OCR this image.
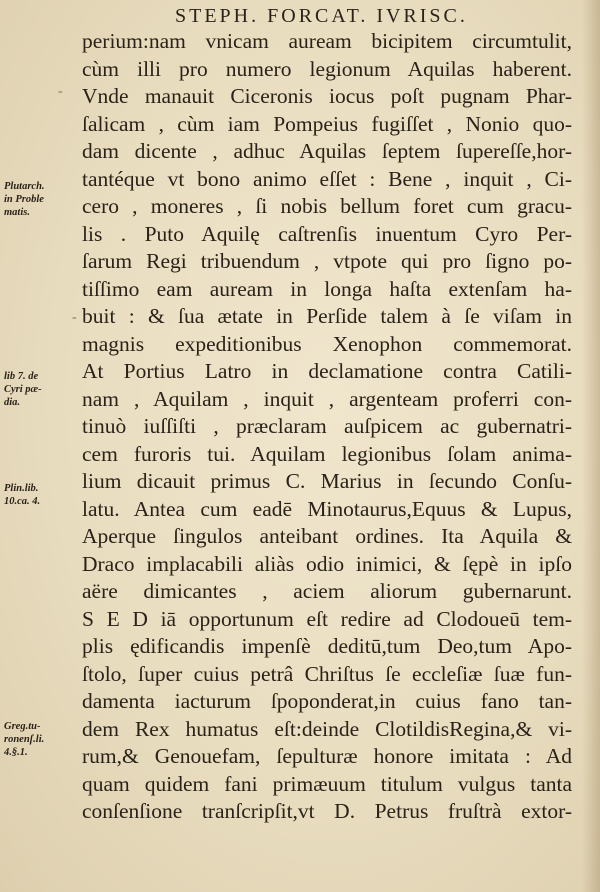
STEPH. FORCAT. IVRISC.
perium:nam vnicam auream bicipitem circumtulit,
cùm illi pro numero legionum Aquilas haberent.
Vnde manauit Ciceronis iocus poſt pugnam Phar-
ſalicam , cùm iam Pompeius fugiſſet , Nonio quo-
dam dicente , adhuc Aquilas ſeptem ſupereſſe,hor-
tantéque vt bono animo eſſet : Bene , inquit , Ci-
cero , moneres , ſi nobis bellum foret cum gracu-
lis . Puto Aquilę caſtrenſis inuentum Cyro Per-
ſarum Regi tribuendum , vtpote qui pro ſigno po-
tiſſimo eam auream in longa haſta extenſam ha-
buit : & ſua ætate in Perſide talem à ſe viſam in
magnis expeditionibus Xenophon commemorat.
At Portius Latro in declamatione contra Catili-
nam , Aquilam , inquit , argenteam proferri con-
tinuò iuſſiſti , præclaram auſpicem ac gubernatri-
cem furoris tui. Aquilam legionibus ſolam anima-
lium dicauit primus C. Marius in ſecundo Conſu-
latu. Antea cum eadē Minotaurus,Equus & Lupus,
Aperque ſingulos anteibant ordines. Ita Aquila &
Draco implacabili aliàs odio inimici, & ſępè in ipſo
aëre dimicantes , aciem aliorum gubernarunt.
S E D iā opportunum eſt redire ad Clodoueū tem-
plis ędificandis impenſè deditū,tum Deo,tum Apo-
ſtolo, ſuper cuius petrâ Chriſtus ſe eccleſiæ ſuæ fun-
damenta iacturum ſpoponderat,in cuius fano tan-
dem Rex humatus eſt:deinde ClotildisRegina,& vi-
rum,& Genouefam, ſepulturæ honore imitata : Ad
quam quidem fani primæuum titulum vulgus tanta
conſenſione tranſcripſit,vt D. Petrus fruſtrà extor-
Plutarch.
in Proble
matis.
lib 7. de
Cyri pæ-
dia.
Plin.lib.
10.ca. 4.
Greg.tu-
ronenſ.li.
4.§.1.
-
-
